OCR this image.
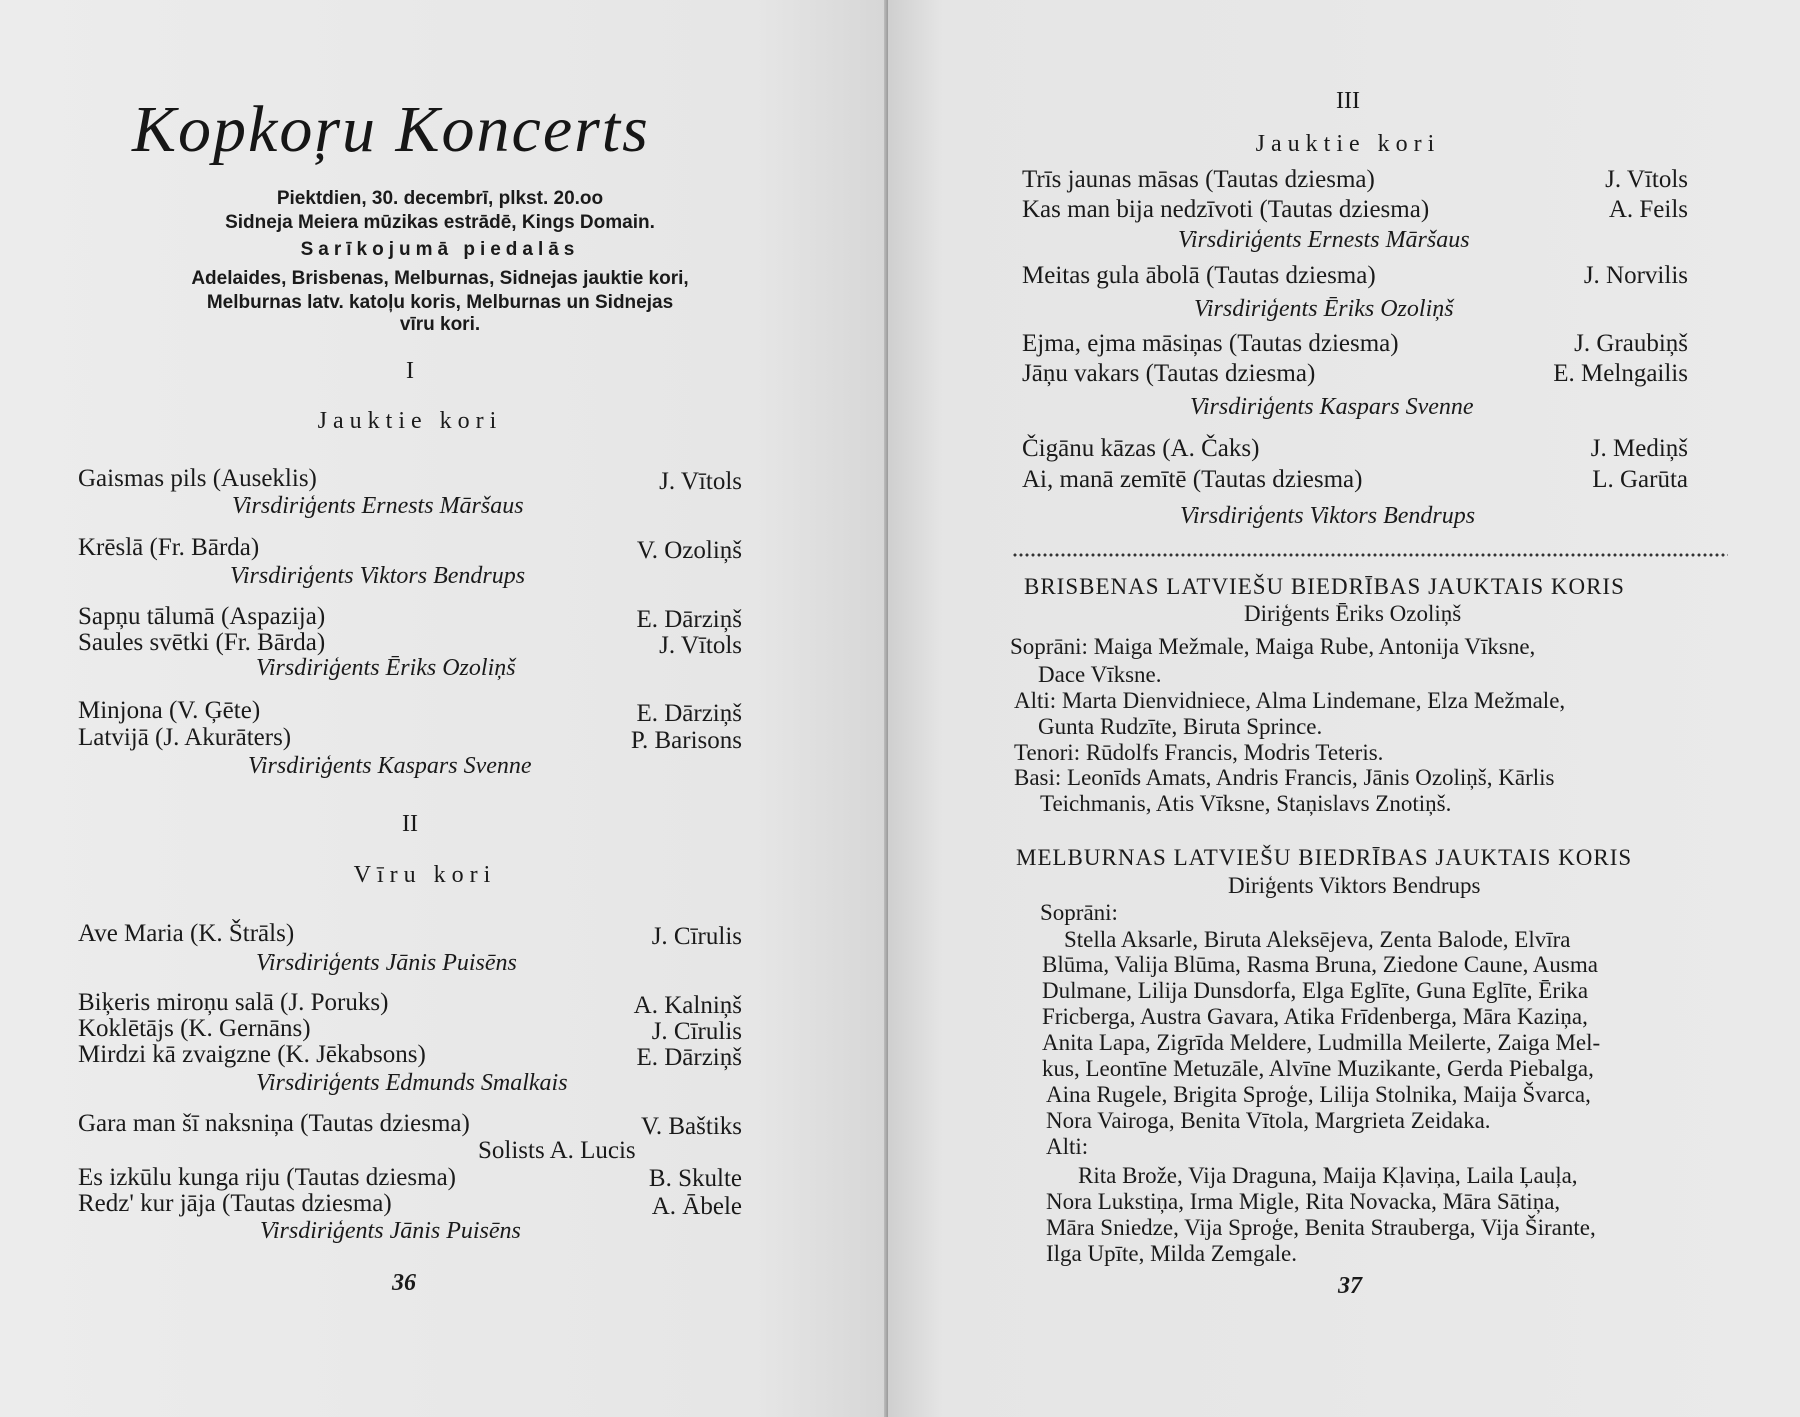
Kopkoŗu Koncerts
Piektdien, 30. decembrī, plkst. 20.oo
Sidneja Meiera mūzikas estrādē, Kings Domain.
Sarīkojumā piedalās
Adelaides, Brisbenas, Melburnas, Sidnejas jauktie kori,
Melburnas latv. katoļu koris, Melburnas un Sidnejas
vīru kori.
I
Jauktie kori
Gaismas pils (Auseklis)	J. Vītols
Virsdiriģents Ernests Māršaus
Krēslā (Fr. Bārda)	V. Ozoliņš
Virsdiriģents Viktors Bendrups
Sapņu tālumā (Aspazija)	E. Dārziņš
Saules svētki (Fr. Bārda)	J. Vītols
Virsdiriģents Ēriks Ozoliņš
Minjona (V. Ģēte)	E. Dārziņš
Latvijā (J. Akurāters)	P. Barisons
Virsdiriģents Kaspars Svenne
II
Vīru kori
Ave Maria (K. Štrāls)	J. Cīrulis
Virsdiriģents Jānis Puisēns
Biķeris miroņu salā (J. Poruks)	A. Kalniņš
Koklētājs (K. Gernāns)	J. Cīrulis
Mirdzi kā zvaigzne (K. Jēkabsons)	E. Dārziņš
Virsdiriģents Edmunds Smalkais
Gara man šī naksniņa (Tautas dziesma)	V. Baštiks
Solists A. Lucis
Es izkūlu kunga riju (Tautas dziesma)	B. Skulte
Redz' kur jāja (Tautas dziesma)	A. Ābele
Virsdiriģents Jānis Puisēns
36
III
Jauktie kori
Trīs jaunas māsas (Tautas dziesma)	J. Vītols
Kas man bija nedzīvoti (Tautas dziesma)	A. Feils
Virsdiriģents Ernests Māršaus
Meitas gula ābolā (Tautas dziesma)	J. Norvilis
Virsdiriģents Ēriks Ozoliņš
Ejma, ejma māsiņas (Tautas dziesma)	J. Graubiņš
Jāņu vakars (Tautas dziesma)	E. Melngailis
Virsdiriģents Kaspars Svenne
Čigānu kāzas (A. Čaks)	J. Mediņš
Ai, manā zemītē (Tautas dziesma)	L. Garūta
Virsdiriģents Viktors Bendrups
BRISBENAS LATVIEŠU BIEDRĪBAS JAUKTAIS KORIS
Diriģents Ēriks Ozoliņš
Soprāni: Maiga Mežmale, Maiga Rube, Antonija Vīksne,
Dace Vīksne.
Alti: Marta Dienvidniece, Alma Lindemane, Elza Mežmale,
Gunta Rudzīte, Biruta Sprince.
Tenori: Rūdolfs Francis, Modris Teteris.
Basi: Leonīds Amats, Andris Francis, Jānis Ozoliņš, Kārlis
Teichmanis, Atis Vīksne, Staņislavs Znotiņš.
MELBURNAS LATVIEŠU BIEDRĪBAS JAUKTAIS KORIS
Diriģents Viktors Bendrups
Soprāni:
Stella Aksarle, Biruta Aleksējeva, Zenta Balode, Elvīra
Blūma, Valija Blūma, Rasma Bruna, Ziedone Caune, Ausma
Dulmane, Lilija Dunsdorfa, Elga Eglīte, Guna Eglīte, Ērika
Fricberga, Austra Gavara, Atika Frīdenberga, Māra Kaziņa,
Anita Lapa, Zigrīda Meldere, Ludmilla Meilerte, Zaiga Mel-
kus, Leontīne Metuzāle, Alvīne Muzikante, Gerda Piebalga,
Aina Rugele, Brigita Sproģe, Lilija Stolnika, Maija Švarca,
Nora Vairoga, Benita Vītola, Margrieta Zeidaka.
Alti:
Rita Brože, Vija Draguna, Maija Kļaviņa, Laila Ļauļa,
Nora Lukstiņa, Irma Migle, Rita Novacka, Māra Sātiņa,
Māra Sniedze, Vija Sproģe, Benita Strauberga, Vija Širante,
Ilga Upīte, Milda Zemgale.
37
